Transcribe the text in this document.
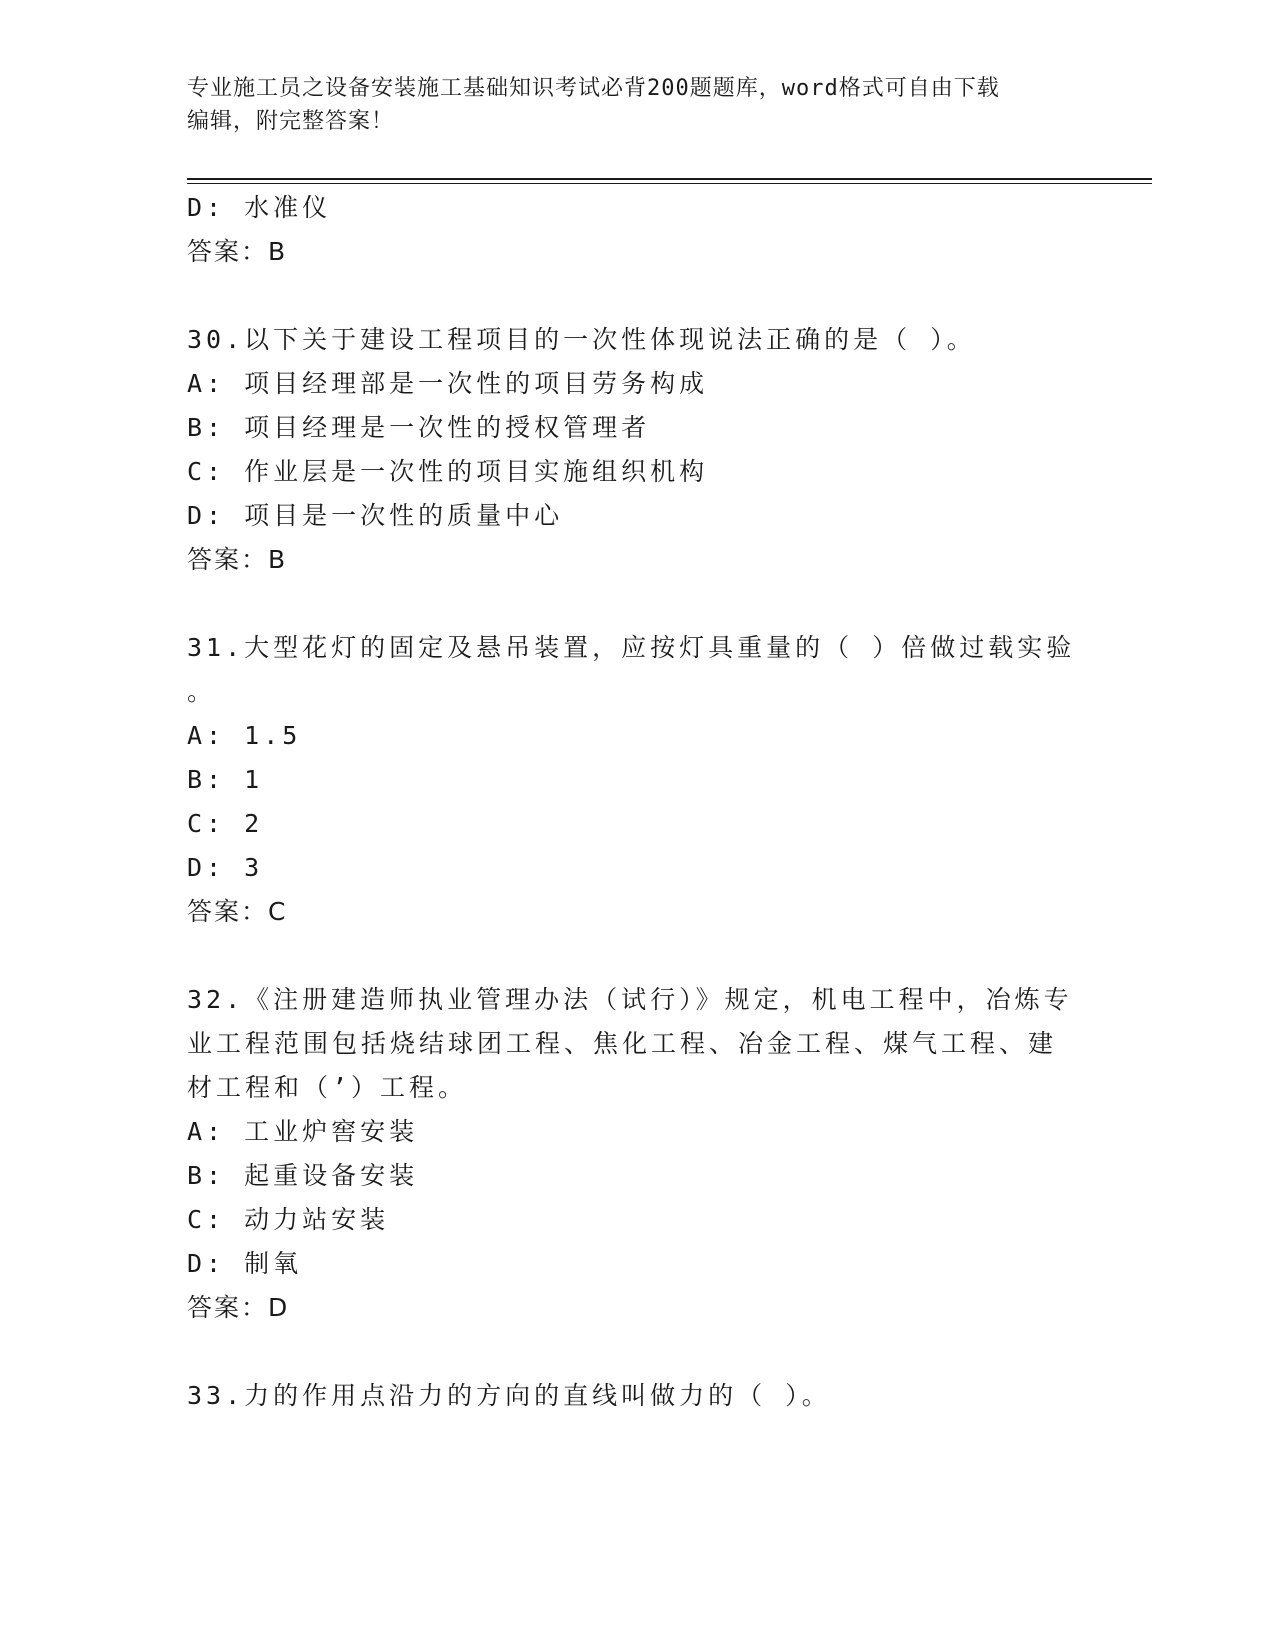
专业施工员之设备安装施工基础知识考试必背200题题库，word格式可自由下载
编辑，附完整答案！
D: 水准仪
答案：B
30.以下关于建设工程项目的一次性体现说法正确的是（ ）。
A: 项目经理部是一次性的项目劳务构成
B: 项目经理是一次性的授权管理者
C: 作业层是一次性的项目实施组织机构
D: 项目是一次性的质量中心
答案：B
31.大型花灯的固定及悬吊装置，应按灯具重量的（ ）倍做过载实验
。
A: 1.5
B: 1
C: 2
D: 3
答案：C
32.《注册建造师执业管理办法（试行）》规定，机电工程中，冶炼专
业工程范围包括烧结球团工程、焦化工程、冶金工程、煤气工程、建
材工程和（’）工程。
A: 工业炉窖安装
B: 起重设备安装
C: 动力站安装
D: 制氧
答案：D
33.力的作用点沿力的方向的直线叫做力的（ ）。
